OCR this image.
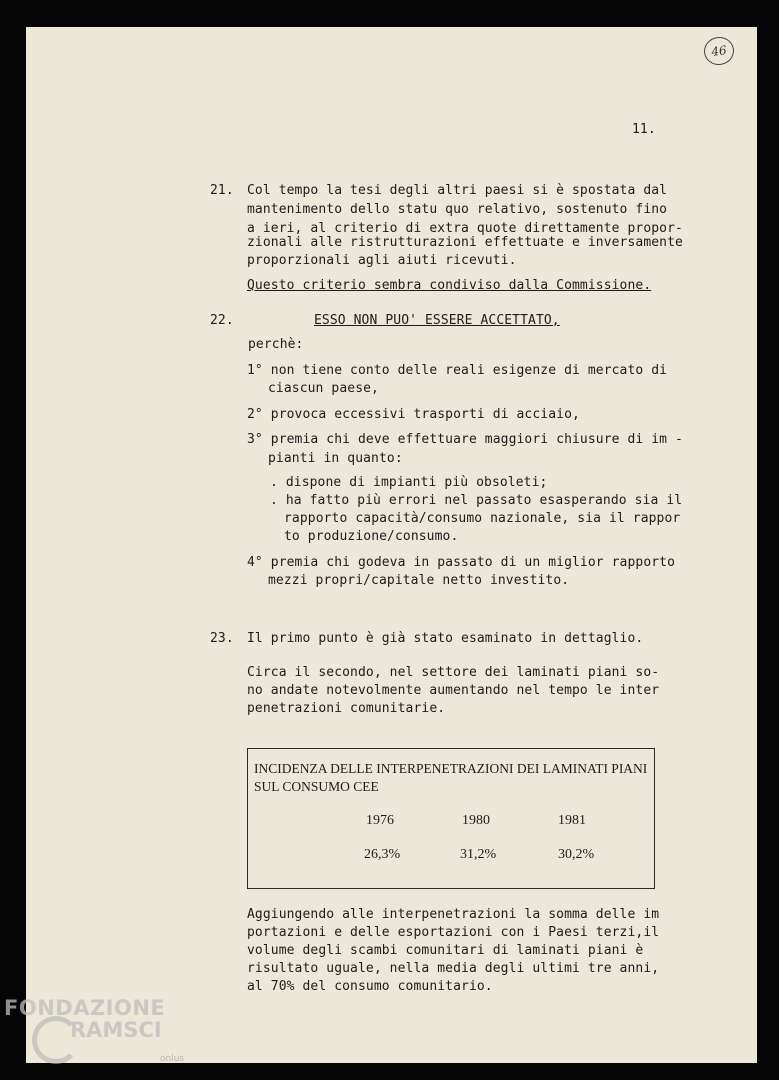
46
11.
21. Col tempo la tesi degli altri paesi si è spostata dal
mantenimento dello statu quo relativo, sostenuto fino
a ieri, al criterio di extra quote direttamente propor-
zionali alle ristrutturazioni effettuate e inversamente
proporzionali agli aiuti ricevuti.
Questo criterio sembra condiviso dalla Commissione.
22.	ESSO NON PUO' ESSERE ACCETTATO,
perchè:
1° non tiene conto delle reali esigenze di mercato di
ciascun paese,
2° provoca eccessivi trasporti di acciaio,
3° premia chi deve effettuare maggiori chiusure di im -
pianti in quanto:
. dispone di impianti più obsoleti;
. ha fatto più errori nel passato esasperando sia il
rapporto capacità/consumo nazionale, sia il rappor
to produzione/consumo.
4° premia chi godeva in passato di un miglior rapporto
mezzi propri/capitale netto investito.
23. Il primo punto è già stato esaminato in dettaglio.
Circa il secondo, nel settore dei laminati piani so-
no andate notevolmente aumentando nel tempo le inter
penetrazioni comunitarie.
INCIDENZA DELLE INTERPENETRAZIONI DEI LAMINATI PIANI
SUL CONSUMO CEE
1976	1980	1981
26,3%	31,2%	30,2%
Aggiungendo alle interpenetrazioni la somma delle im
portazioni e delle esportazioni con i Paesi terzi,il
volume degli scambi comunitari di laminati piani è
risultato uguale, nella media degli ultimi tre anni,
al 70% del consumo comunitario.
FONDAZIONE
RAMSCI
onlus
